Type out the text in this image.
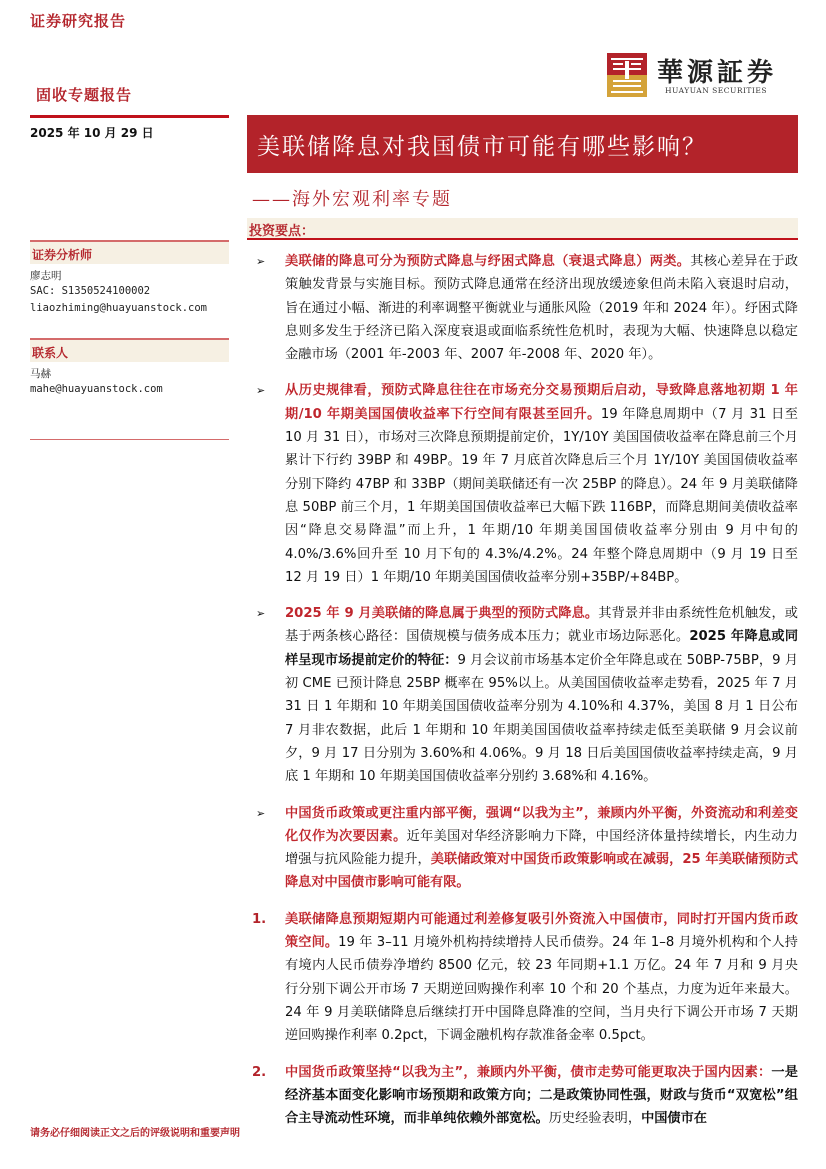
证券研究报告
華源証券
HUAYUAN SECURITIES
固收专题报告
2025 年 10 月 29 日
美联储降息对我国债市可能有哪些影响？
——海外宏观利率专题
投资要点：
证券分析师
廖志明
SAC: S1350524100002
liaozhiming@huayuanstock.com
联系人
马赫
mahe@huayuanstock.com
➢ 美联储的降息可分为预防式降息与纾困式降息（衰退式降息）两类。其核心差异在于政策触发背景与实施目标。预防式降息通常在经济出现放缓迹象但尚未陷入衰退时启动，旨在通过小幅、渐进的利率调整平衡就业与通胀风险（2019 年和 2024 年）。纾困式降息则多发生于经济已陷入深度衰退或面临系统性危机时，表现为大幅、快速降息以稳定金融市场（2001 年-2003 年、2007 年-2008 年、2020 年）。
➢ 从历史规律看，预防式降息往往在市场充分交易预期后启动，导致降息落地初期 1 年期/10 年期美国国债收益率下行空间有限甚至回升。19 年降息周期中（7 月 31 日至 10 月 31 日），市场对三次降息预期提前定价，1Y/10Y 美国国债收益率在降息前三个月累计下行约 39BP 和 49BP。19 年 7 月底首次降息后三个月 1Y/10Y 美国国债收益率分别下降约 47BP 和 33BP（期间美联储还有一次 25BP 的降息）。24 年 9 月美联储降息 50BP 前三个月，1 年期美国国债收益率已大幅下跌 116BP，而降息期间美债收益率因“降息交易降温”而上升，1 年期/10 年期美国国债收益率分别由 9 月中旬的 4.0%/3.6%回升至 10 月下旬的 4.3%/4.2%。24 年整个降息周期中（9 月 19 日至 12 月 19 日）1 年期/10 年期美国国债收益率分别+35BP/+84BP。
➢ 2025 年 9 月美联储的降息属于典型的预防式降息。其背景并非由系统性危机触发，或基于两条核心路径：国债规模与债务成本压力；就业市场边际恶化。2025 年降息或同样呈现市场提前定价的特征：9 月会议前市场基本定价全年降息或在 50BP-75BP，9 月初 CME 已预计降息 25BP 概率在 95%以上。从美国国债收益率走势看，2025 年 7 月 31 日 1 年期和 10 年期美国国债收益率分别为 4.10%和 4.37%，美国 8 月 1 日公布 7 月非农数据，此后 1 年期和 10 年期美国国债收益率持续走低至美联储 9 月会议前夕，9 月 17 日分别为 3.60%和 4.06%。9 月 18 日后美国国债收益率持续走高，9 月底 1 年期和 10 年期美国国债收益率分别约 3.68%和 4.16%。
➢ 中国货币政策或更注重内部平衡，强调“以我为主”，兼顾内外平衡，外资流动和利差变化仅作为次要因素。近年美国对华经济影响力下降，中国经济体量持续增长，内生动力增强与抗风险能力提升，美联储政策对中国货币政策影响或在减弱，25 年美联储预防式降息对中国债市影响可能有限。
1. 美联储降息预期短期内可能通过利差修复吸引外资流入中国债市，同时打开国内货币政策空间。19 年 3–11 月境外机构持续增持人民币债券。24 年 1–8 月境外机构和个人持有境内人民币债券净增约 8500 亿元，较 23 年同期+1.1 万亿。24 年 7 月和 9 月央行分别下调公开市场 7 天期逆回购操作利率 10 个和 20 个基点，力度为近年来最大。24 年 9 月美联储降息后继续打开中国降息降准的空间，当月央行下调公开市场 7 天期逆回购操作利率 0.2pct，下调金融机构存款准备金率 0.5pct。
2. 中国货币政策坚持“以我为主”，兼顾内外平衡，债市走势可能更取决于国内因素：一是经济基本面变化影响市场预期和政策方向；二是政策协同性强，财政与货币“双宽松”组合主导流动性环境，而非单纯依赖外部宽松。历史经验表明，中国债市在
请务必仔细阅读正文之后的评级说明和重要声明
